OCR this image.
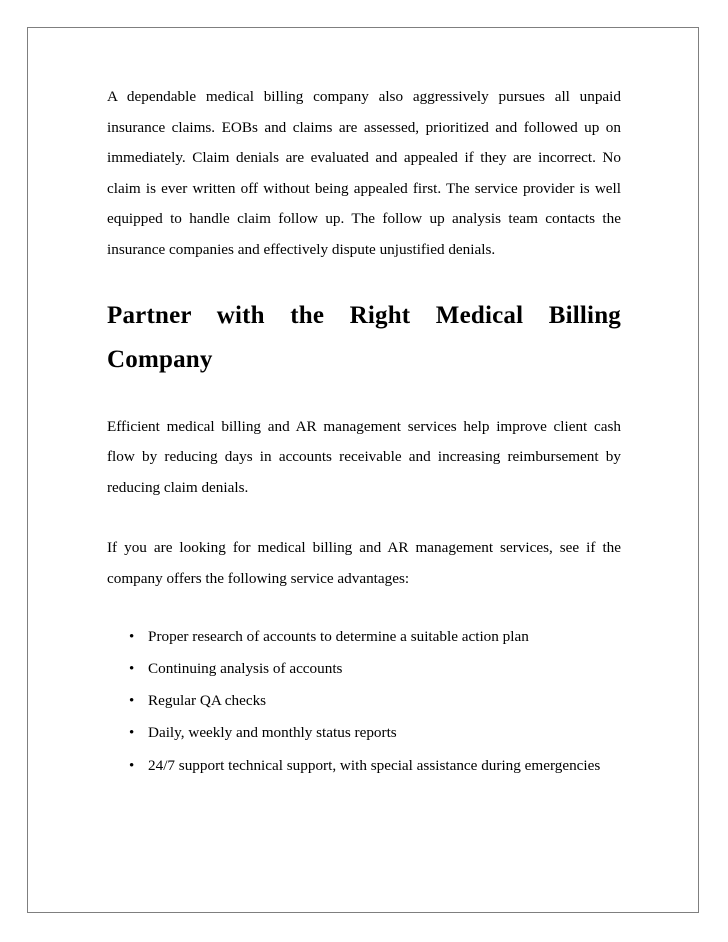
A dependable medical billing company also aggressively pursues all unpaid insurance claims. EOBs and claims are assessed, prioritized and followed up on immediately. Claim denials are evaluated and appealed if they are incorrect. No claim is ever written off without being appealed first. The service provider is well equipped to handle claim follow up. The follow up analysis team contacts the insurance companies and effectively dispute unjustified denials.

Partner with the Right Medical Billing Company

Efficient medical billing and AR management services help improve client cash flow by reducing days in accounts receivable and increasing reimbursement by reducing claim denials.

If you are looking for medical billing and AR management services, see if the company offers the following service advantages:

• Proper research of accounts to determine a suitable action plan
• Continuing analysis of accounts
• Regular QA checks
• Daily, weekly and monthly status reports
• 24/7 support technical support, with special assistance during emergencies
